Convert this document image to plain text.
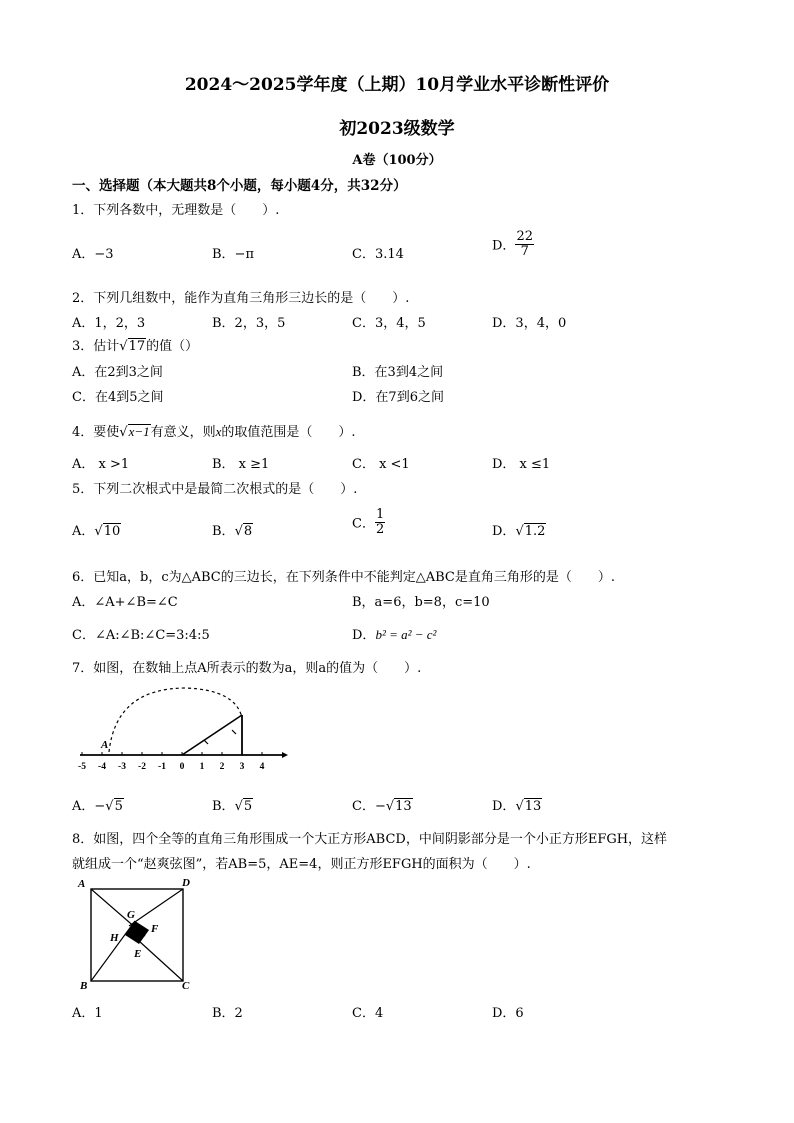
2024～2025学年度（上期）10月学业水平诊断性评价
初2023级数学
A卷（100分）
一、选择题（本大题共8个小题，每小题4分，共32分）
1．下列各数中，无理数是（　　）.
A．−3	B．−π	C．3.14
D． $\frac{22}{7}$
2．下列几组数中，能作为直角三角形三边长的是（　　）.
A．1，2，3	B．2，3，5	C．3，4，5	D．3，4，0
3．估计√17的值（）
A．在2到3之间	B．在3到4之间
C．在4到5之间	D．在7到6之间
4．要使√x−1有意义，则x的取值范围是（　　）.
A． x >1	B． x ≥1	C． x <1	D． x ≤1
5．下列二次根式中是最简二次根式的是（　　）.
A．√10	B．√8	C． $\frac{1}{2}$	D．√1.2
6．已知a，b，c为△ABC的三边长，在下列条件中不能判定△ABC是直角三角形的是（　　）.
A．∠A+∠B=∠C	B，a=6，b=8，c=10
C．∠A:∠B:∠C=3:4:5	D．b² = a² − c²
7．如图，在数轴上点A所表示的数为a，则a的值为（　　）.
-5 -4 -3 -2 -1 0 1 2 3 4
A
A．−√5	B．√5	C．−√13	D．√13
8．如图，四个全等的直角三角形围成一个大正方形ABCD，中间阴影部分是一个小正方形EFGH，这样
就组成一个“赵爽弦图”，若AB=5，AE=4，则正方形EFGH的面积为（　　）.
A	D
B	C
G
F
H
E
A．1	B．2	C．4	D．6
